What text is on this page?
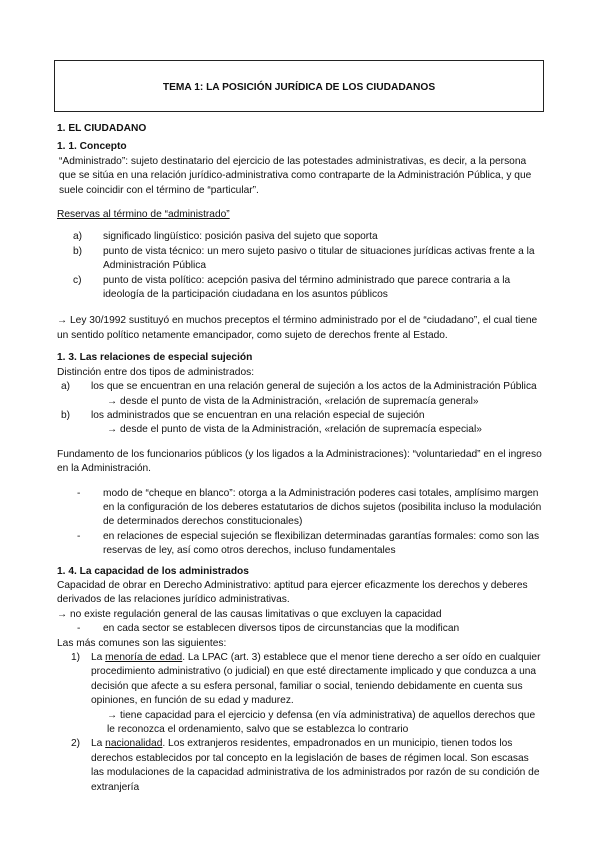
TEMA 1: LA POSICIÓN JURÍDICA DE LOS CIUDADANOS

1. EL CIUDADANO

1. 1. Concepto

“Administrado”: sujeto destinatario del ejercicio de las potestades administrativas, es decir, a la persona que se sitúa en una relación jurídico-administrativa como contraparte de la Administración Pública, y que suele coincidir con el término de “particular”.

Reservas al término de “administrado”

a) significado lingüístico: posición pasiva del sujeto que soporta
b) punto de vista técnico: un mero sujeto pasivo o titular de situaciones jurídicas activas frente a la Administración Pública
c) punto de vista político: acepción pasiva del término administrado que parece contraria a la ideología de la participación ciudadana en los asuntos públicos

→ Ley 30/1992 sustituyó en muchos preceptos el término administrado por el de “ciudadano”, el cual tiene un sentido político netamente emancipador, como sujeto de derechos frente al Estado.

1. 3. Las relaciones de especial sujeción

Distinción entre dos tipos de administrados:

a) los que se encuentran en una relación general de sujeción a los actos de la Administración Pública

→ desde el punto de vista de la Administración, «relación de supremacía general»

b) los administrados que se encuentran en una relación especial de sujeción

→ desde el punto de vista de la Administración, «relación de supremacía especial»

Fundamento de los funcionarios públicos (y los ligados a la Administraciones): “voluntariedad” en el ingreso en la Administración.

- modo de “cheque en blanco”: otorga a la Administración poderes casi totales, amplísimo margen en la configuración de los deberes estatutarios de dichos sujetos (posibilita incluso la modulación de determinados derechos constitucionales)
- en relaciones de especial sujeción se flexibilizan determinadas garantías formales: como son las reservas de ley, así como otros derechos, incluso fundamentales

1. 4. La capacidad de los administrados

Capacidad de obrar en Derecho Administrativo: aptitud para ejercer eficazmente los derechos y deberes derivados de las relaciones jurídico administrativas.

→ no existe regulación general de las causas limitativas o que excluyen la capacidad

- en cada sector se establecen diversos tipos de circunstancias que la modifican

Las más comunes son las siguientes:

1) La menoría de edad. La LPAC (art. 3) establece que el menor tiene derecho a ser oído en cualquier procedimiento administrativo (o judicial) en que esté directamente implicado y que conduzca a una decisión que afecte a su esfera personal, familiar o social, teniendo debidamente en cuenta sus opiniones, en función de su edad y madurez.

→ tiene capacidad para el ejercicio y defensa (en vía administrativa) de aquellos derechos que le reconozca el ordenamiento, salvo que se establezca lo contrario

2) La nacionalidad. Los extranjeros residentes, empadronados en un municipio, tienen todos los derechos establecidos por tal concepto en la legislación de bases de régimen local. Son escasas las modulaciones de la capacidad administrativa de los administrados por razón de su condición de extranjería
